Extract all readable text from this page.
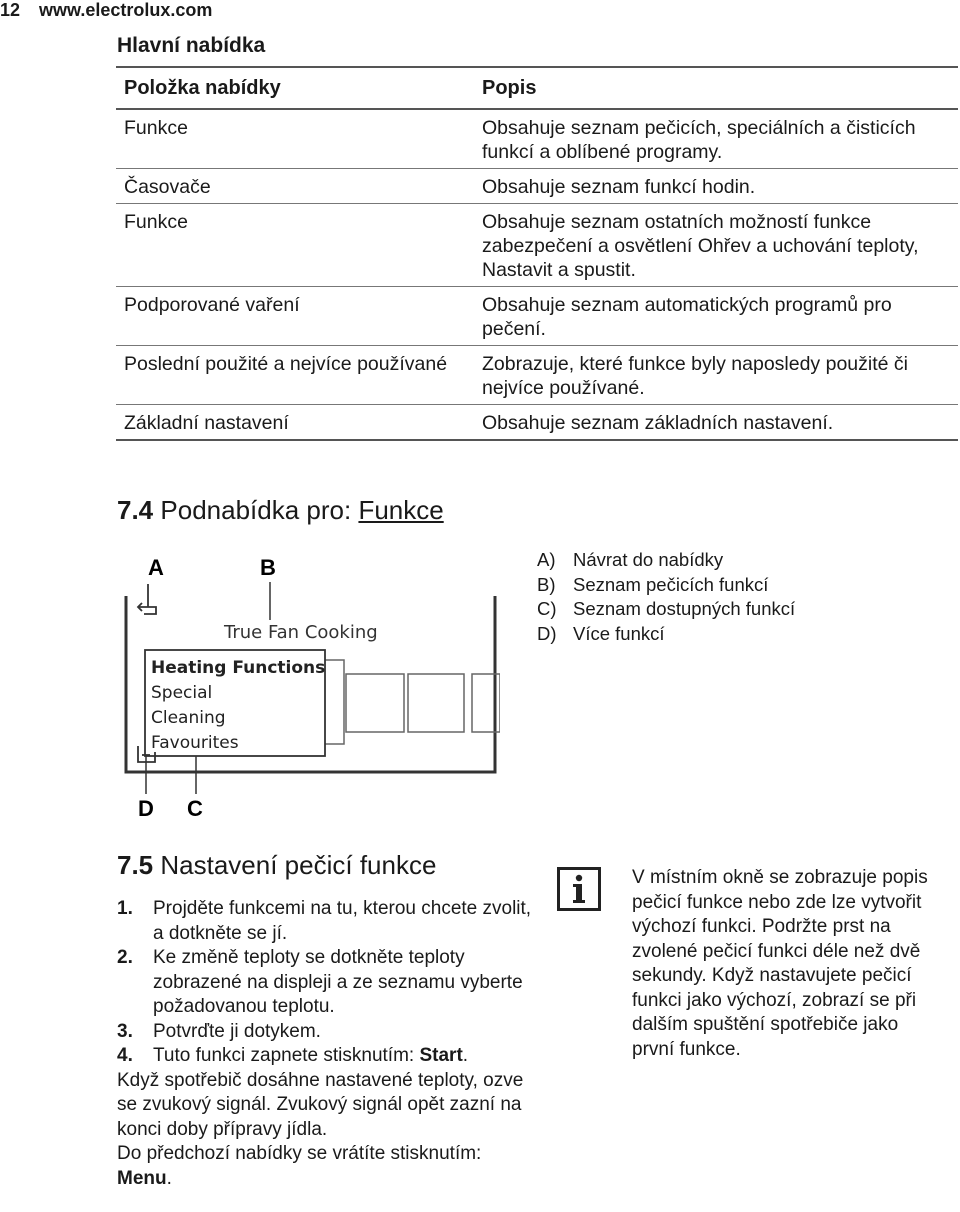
12 www.electrolux.com
Hlavní nabídka
Položka nabídky	Popis
Funkce	Obsahuje seznam pečicích, speciálních a čisticích funkcí a oblíbené programy.
Časovače	Obsahuje seznam funkcí hodin.
Funkce	Obsahuje seznam ostatních možností funkce zabezpečení a osvětlení Ohřev a uchování teploty, Nastavit a spustit.
Podporované vaření	Obsahuje seznam automatických programů pro pečení.
Poslední použité a nejvíce používané	Zobrazuje, které funkce byly naposledy použité či nejvíce používané.
Základní nastavení	Obsahuje seznam základních nastavení.
7.4 Podnabídka pro: Funkce
A	B
D C
True Fan Cooking
Heating Functions
Special
Cleaning
Favourites
A) Návrat do nabídky
B) Seznam pečicích funkcí
C) Seznam dostupných funkcí
D) Více funkcí
7.5 Nastavení pečicí funkce
1.	Projděte funkcemi na tu, kterou chcete zvolit, a dotkněte se jí.
2.	Ke změně teploty se dotkněte teploty zobrazené na displeji a ze seznamu vyberte požadovanou teplotu.
3.	Potvrďte ji dotykem.
4.	Tuto funkci zapnete stisknutím: Start.

Když spotřebič dosáhne nastavené teploty, ozve se zvukový signál. Zvukový signál opět zazní na konci doby přípravy jídla.

Do předchozí nabídky se vrátíte stisknutím: Menu.

V místním okně se zobrazuje popis pečicí funkce nebo zde lze vytvořit výchozí funkci. Podržte prst na zvolené pečicí funkci déle než dvě sekundy. Když nastavujete pečicí funkci jako výchozí, zobrazí se při dalším spuštění spotřebiče jako první funkce.
